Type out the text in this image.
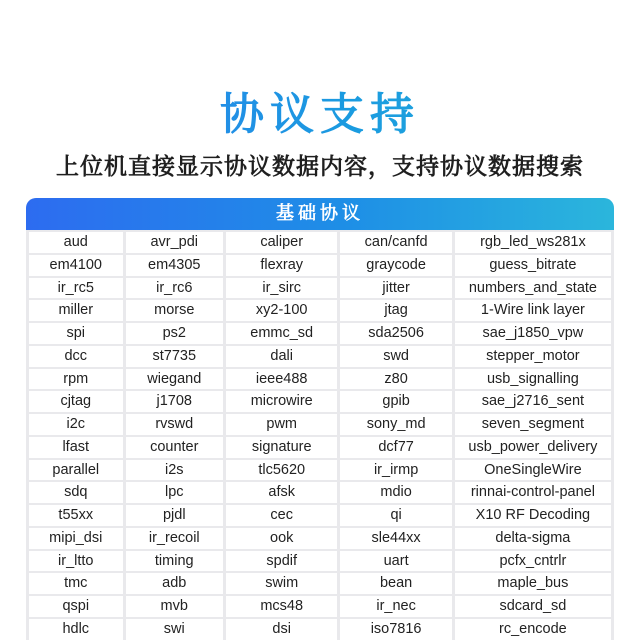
协议支持
上位机直接显示协议数据内容，支持协议数据搜索
基础协议
aud	avr_pdi	caliper	can/canfd	rgb_led_ws281x
em4100	em4305	flexray	graycode	guess_bitrate
ir_rc5	ir_rc6	ir_sirc	jitter	numbers_and_state
miller	morse	xy2-100	jtag	1-Wire link layer
spi	ps2	emmc_sd	sda2506	sae_j1850_vpw
dcc	st7735	dali	swd	stepper_motor
rpm	wiegand	ieee488	z80	usb_signalling
cjtag	j1708	microwire	gpib	sae_j2716_sent
i2c	rvswd	pwm	sony_md	seven_segment
lfast	counter	signature	dcf77	usb_power_delivery
parallel	i2s	tlc5620	ir_irmp	OneSingleWire
sdq	lpc	afsk	mdio	rinnai-control-panel
t55xx	pjdl	cec	qi	X10 RF Decoding
mipi_dsi	ir_recoil	ook	sle44xx	delta-sigma
ir_ltto	timing	spdif	uart	pcfx_cntrlr
tmc	adb	swim	bean	maple_bus
qspi	mvb	mcs48	ir_nec	sdcard_sd
hdlc	swi	dsi	iso7816	rc_encode
